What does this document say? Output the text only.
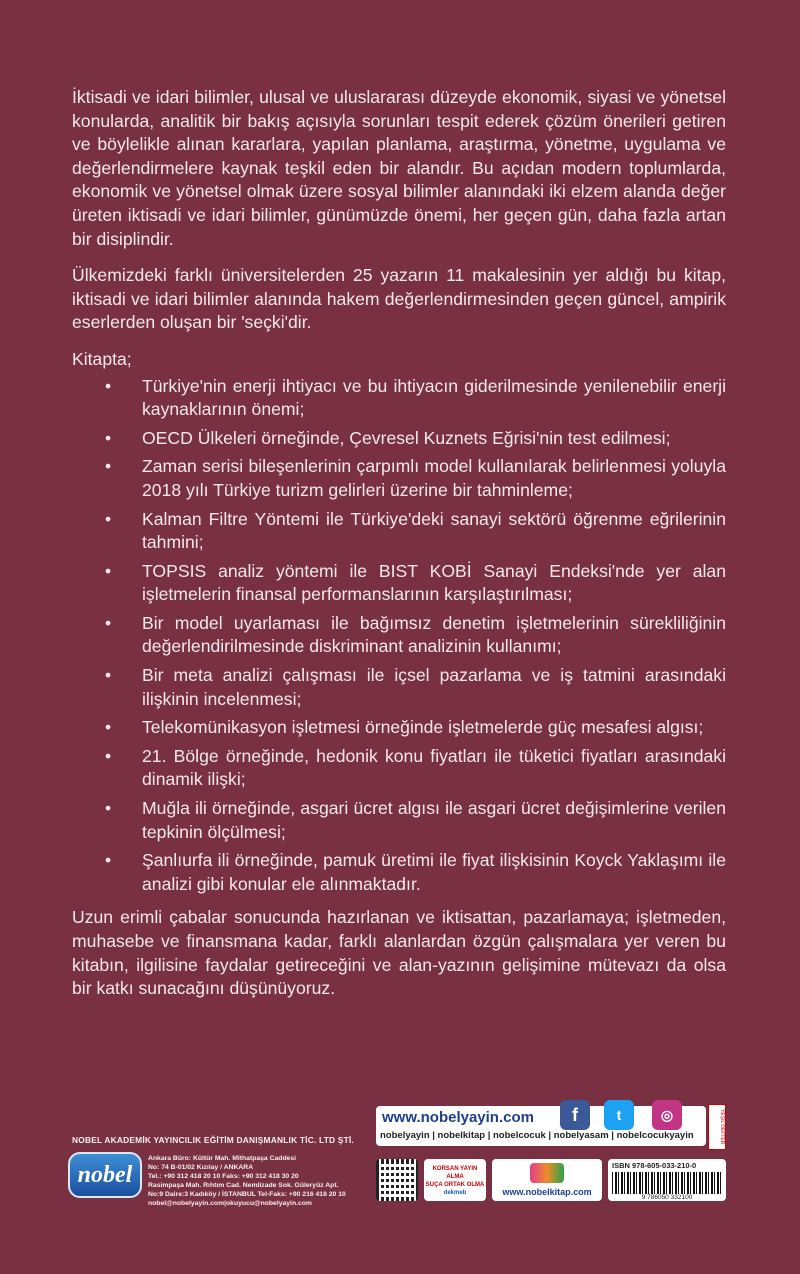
İktisadi ve idari bilimler, ulusal ve uluslararası düzeyde ekonomik, siyasi ve yönetsel konularda, analitik bir bakış açısıyla sorunları tespit ederek çözüm önerileri getiren ve böylelikle alınan kararlara, yapılan planlama, araştırma, yönetme, uygulama ve değerlendirmelere kaynak teşkil eden bir alandır. Bu açıdan modern toplumlarda, ekonomik ve yönetsel olmak üzere sosyal bilimler alanındaki iki elzem alanda değer üreten iktisadi ve idari bilimler, günümüzde önemi, her geçen gün, daha fazla artan bir disiplindir.

Ülkemizdeki farklı üniversitelerden 25 yazarın 11 makalesinin yer aldığı bu kitap, iktisadi ve idari bilimler alanında hakem değerlendirmesinden geçen güncel, ampirik eserlerden oluşan bir 'seçki'dir.

Kitapta;

• Türkiye'nin enerji ihtiyacı ve bu ihtiyacın giderilmesinde yenilenebilir enerji kaynaklarının önemi;
• OECD Ülkeleri örneğinde, Çevresel Kuznets Eğrisi'nin test edilmesi;
• Zaman serisi bileşenlerinin çarpımlı model kullanılarak belirlenmesi yoluyla 2018 yılı Türkiye turizm gelirleri üzerine bir tahminleme;
• Kalman Filtre Yöntemi ile Türkiye'deki sanayi sektörü öğrenme eğrilerinin tahmini;
• TOPSIS analiz yöntemi ile BIST KOBİ Sanayi Endeksi'nde yer alan işletmelerin finansal performanslarının karşılaştırılması;
• Bir model uyarlaması ile bağımsız denetim işletmelerinin sürekliliğinin değerlendirilmesinde diskriminant analizinin kullanımı;
• Bir meta analizi çalışması ile içsel pazarlama ve iş tatmini arasındaki ilişkinin incelenmesi;
• Telekomünikasyon işletmesi örneğinde işletmelerde güç mesafesi algısı;
• 21. Bölge örneğinde, hedonik konu fiyatları ile tüketici fiyatları arasındaki dinamik ilişki;
• Muğla ili örneğinde, asgari ücret algısı ile asgari ücret değişimlerine verilen tepkinin ölçülmesi;
• Şanlıurfa ili örneğinde, pamuk üretimi ile fiyat ilişkisinin Koyck Yaklaşımı ile analizi gibi konular ele alınmaktadır.

Uzun erimli çabalar sonucunda hazırlanan ve iktisattan, pazarlamaya; işletmeden, muhasebe ve finansmana kadar, farklı alanlardan özgün çalışmalara yer veren bu kitabın, ilgilisine faydalar getireceğini ve alan-yazının gelişimine mütevazı da olsa bir katkı sunacağını düşünüyoruz.

www.nobelyayin.com
nobelyayin | nobelkitap | nobelcocuk | nobelyasam | nobelcocukyayin
f	t	◎	YEŞİL DEFTER
NOBEL AKADEMİK YAYINCILIK EĞİTİM DANIŞMANLIK TİC. LTD ŞTİ.
nobel
Ankara Büro: Kültür Mah. Mithatpaşa Caddesi
No: 74 B-01/02 Kızılay / ANKARA
Tel.: +90 312 418 20 10 Faks: +90 312 418 30 20
Rasimpaşa Mah. Rıhtım Cad. Nemlizade Sok. Güleryüz Apt.
No:9 Daire:3 Kadıköy / İSTANBUL Tel-Faks: +90 216 418 20 10
nobel@nobelyayin.com|okuyucu@nobelyayin.com
KORSAN YAYIN ALMA
SUÇA ORTAK OLMA
dekmeb	www.nobelkitap.com
ISBN 978-605-033-210-0
9 786050 332100
